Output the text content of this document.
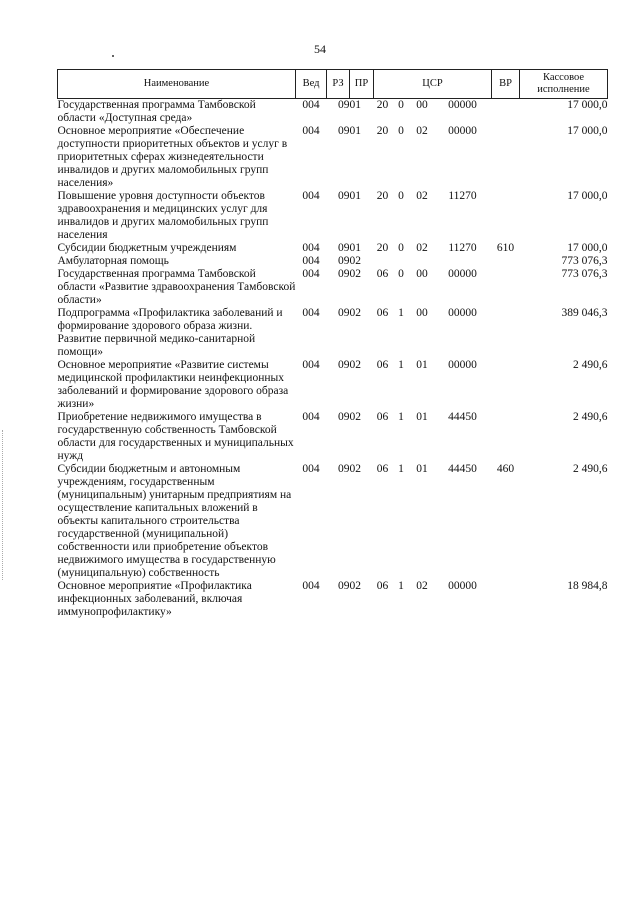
54
Наименование	Вед	РЗ	ПР	ЦСР				ВР	Кассовое исполнение
Государственная программа Тамбовской области «Доступная среда»	004	09	01	20	0	00	00000		17 000,0
Основное мероприятие «Обеспечение доступности приоритетных объектов и услуг в приоритетных сферах жизнедеятельности инвалидов и других маломобильных групп населения»	004	09	01	20	0	02	00000		17 000,0
Повышение уровня доступности объектов здравоохранения и медицинских услуг для инвалидов и других маломобильных групп населения	004	09	01	20	0	02	11270		17 000,0
Субсидии бюджетным учреждениям	004	09	01	20	0	02	11270	610	17 000,0
Амбулаторная помощь	004	09	02						773 076,3
Государственная программа Тамбовской области «Развитие здравоохранения Тамбовской области»	004	09	02	06	0	00	00000		773 076,3
Подпрограмма «Профилактика заболеваний и формирование здорового образа жизни. Развитие первичной медико-санитарной помощи»	004	09	02	06	1	00	00000		389 046,3
Основное мероприятие «Развитие системы медицинской профилактики неинфекционных заболеваний и формирование здорового образа жизни»	004	09	02	06	1	01	00000		2 490,6
Приобретение недвижимого имущества в государственную собственность Тамбовской области для государственных и муниципальных нужд	004	09	02	06	1	01	44450		2 490,6
Субсидии бюджетным и автономным учреждениям, государственным (муниципальным) унитарным предприятиям на осуществление капитальных вложений в объекты капитального строительства государственной (муниципальной) собственности или приобретение объектов недвижимого имущества в государственную (муниципальную) собственность	004	09	02	06	1	01	44450	460	2 490,6
Основное мероприятие «Профилактика инфекционных заболеваний, включая иммунопрофилактику»	004	09	02	06	1	02	00000		18 984,8
